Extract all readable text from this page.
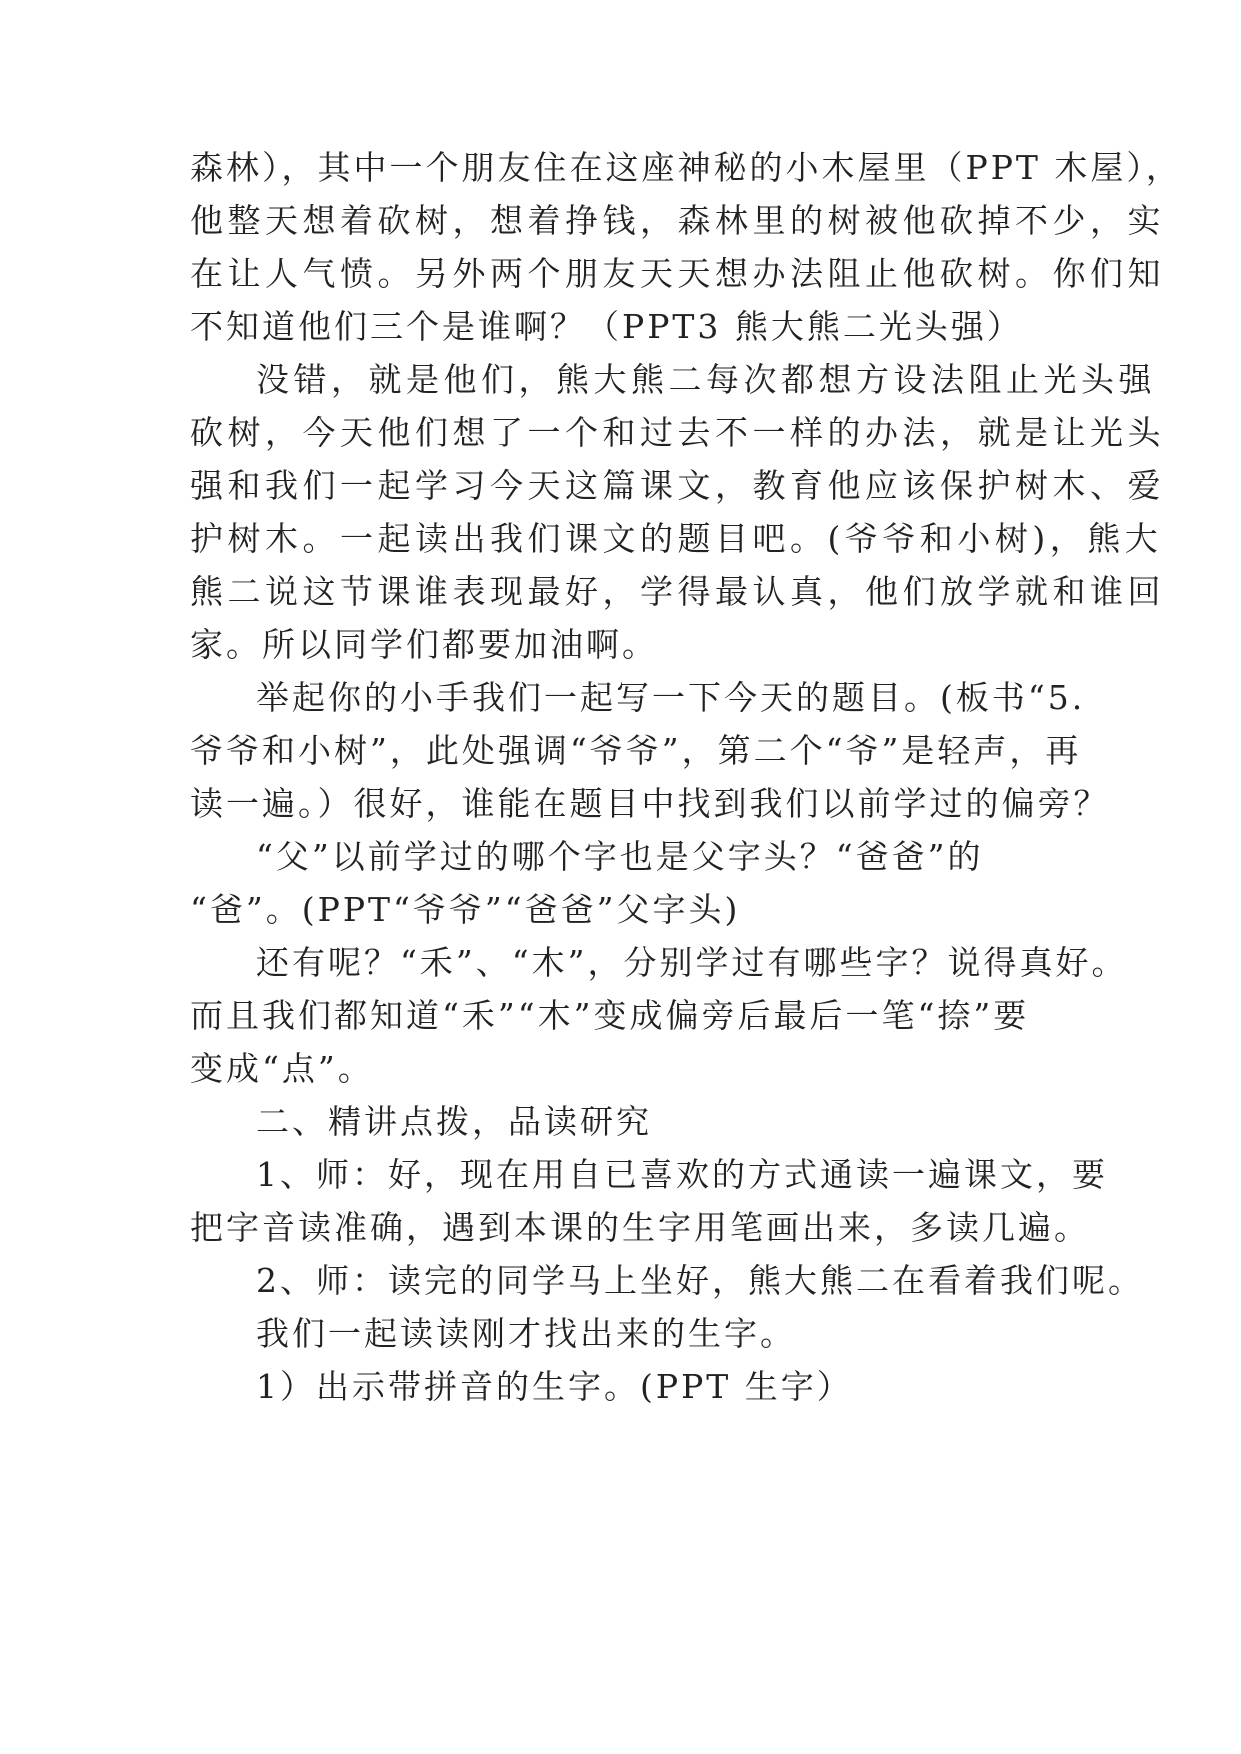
森林），其中一个朋友住在这座神秘的小木屋里（PPT 木屋），
他整天想着砍树，想着挣钱，森林里的树被他砍掉不少，实
在让人气愤。另外两个朋友天天想办法阻止他砍树。你们知
不知道他们三个是谁啊？（PPT3 熊大熊二光头强）
没错，就是他们，熊大熊二每次都想方设法阻止光头强
砍树，今天他们想了一个和过去不一样的办法，就是让光头
强和我们一起学习今天这篇课文，教育他应该保护树木、爱
护树木。一起读出我们课文的题目吧。(爷爷和小树)，熊大
熊二说这节课谁表现最好，学得最认真，他们放学就和谁回
家。所以同学们都要加油啊。
举起你的小手我们一起写一下今天的题目。(板书“5.
爷爷和小树”，此处强调“爷爷”，第二个“爷”是轻声，再
读一遍。）很好，谁能在题目中找到我们以前学过的偏旁？
“父”以前学过的哪个字也是父字头？“爸爸”的
“爸”。(PPT“爷爷”“爸爸”父字头)
还有呢？“禾”、“木”，分别学过有哪些字？说得真好。
而且我们都知道“禾”“木”变成偏旁后最后一笔“捺”要
变成“点”。
二、精讲点拨，品读研究
1、师：好，现在用自已喜欢的方式通读一遍课文，要
把字音读准确，遇到本课的生字用笔画出来，多读几遍。
2、师：读完的同学马上坐好，熊大熊二在看着我们呢。
我们一起读读刚才找出来的生字。
1）出示带拼音的生字。(PPT 生字）
